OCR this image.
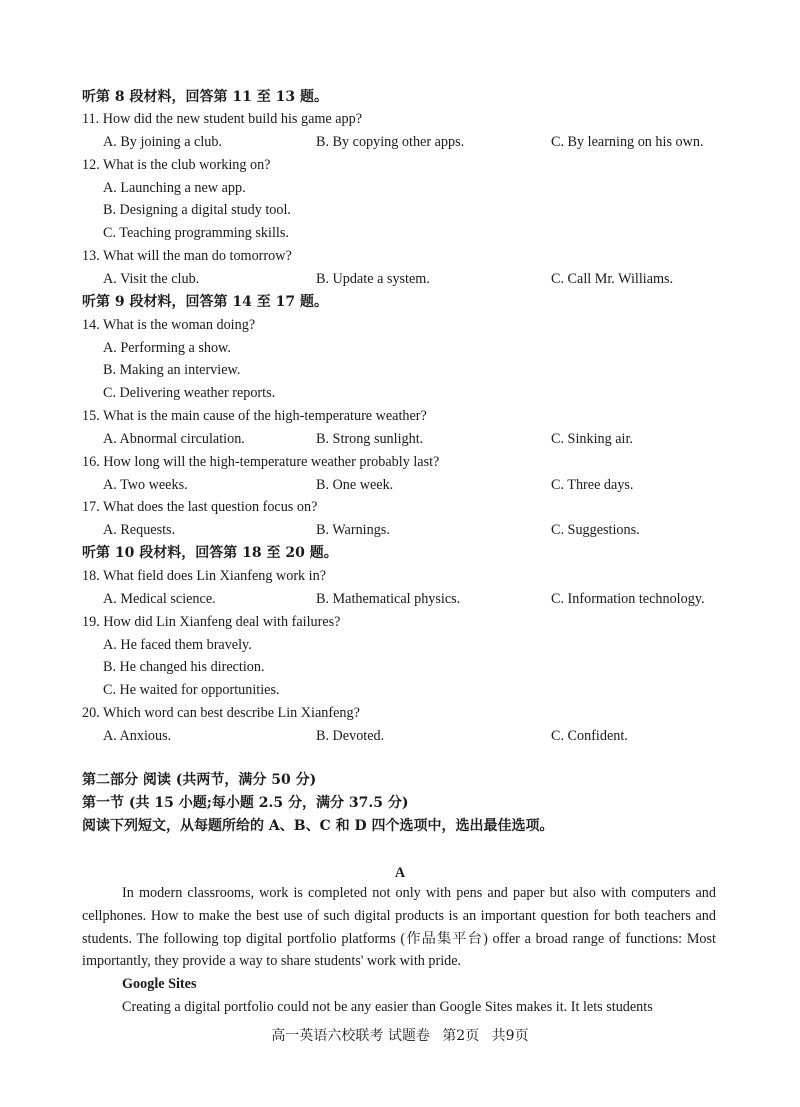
听第 8 段材料，回答第 11 至 13 题。
11. How did the new student build his game app?
A. By joining a club.	B. By copying other apps.	C. By learning on his own.
12. What is the club working on?
A. Launching a new app.
B. Designing a digital study tool.
C. Teaching programming skills.
13. What will the man do tomorrow?
A. Visit the club.	B. Update a system.	C. Call Mr. Williams.
听第 9 段材料，回答第 14 至 17 题。
14. What is the woman doing?
A. Performing a show.
B. Making an interview.
C. Delivering weather reports.
15. What is the main cause of the high-temperature weather?
A. Abnormal circulation.	B. Strong sunlight.	C. Sinking air.
16. How long will the high-temperature weather probably last?
A. Two weeks.	B. One week.	C. Three days.
17. What does the last question focus on?
A. Requests.	B. Warnings.	C. Suggestions.
听第 10 段材料，回答第 18 至 20 题。
18. What field does Lin Xianfeng work in?
A. Medical science.	B. Mathematical physics.	C. Information technology.
19. How did Lin Xianfeng deal with failures?
A. He faced them bravely.
B. He changed his direction.
C. He waited for opportunities.
20. Which word can best describe Lin Xianfeng?
A. Anxious.	B. Devoted.	C. Confident.
第二部分 阅读 (共两节，满分 50 分)
第一节 (共 15 小题;每小题 2.5 分，满分 37.5 分)
阅读下列短文，从每题所给的 A、B、C 和 D 四个选项中，选出最佳选项。
A
In modern classrooms, work is completed not only with pens and paper but also with computers and cellphones. How to make the best use of such digital products is an important question for both teachers and students. The following top digital portfolio platforms (作品集平台) offer a broad range of functions: Most importantly, they provide a way to share students' work with pride.
Google Sites
Creating a digital portfolio could not be any easier than Google Sites makes it. It lets students
高一英语六校联考 试题卷 第2页 共9页
